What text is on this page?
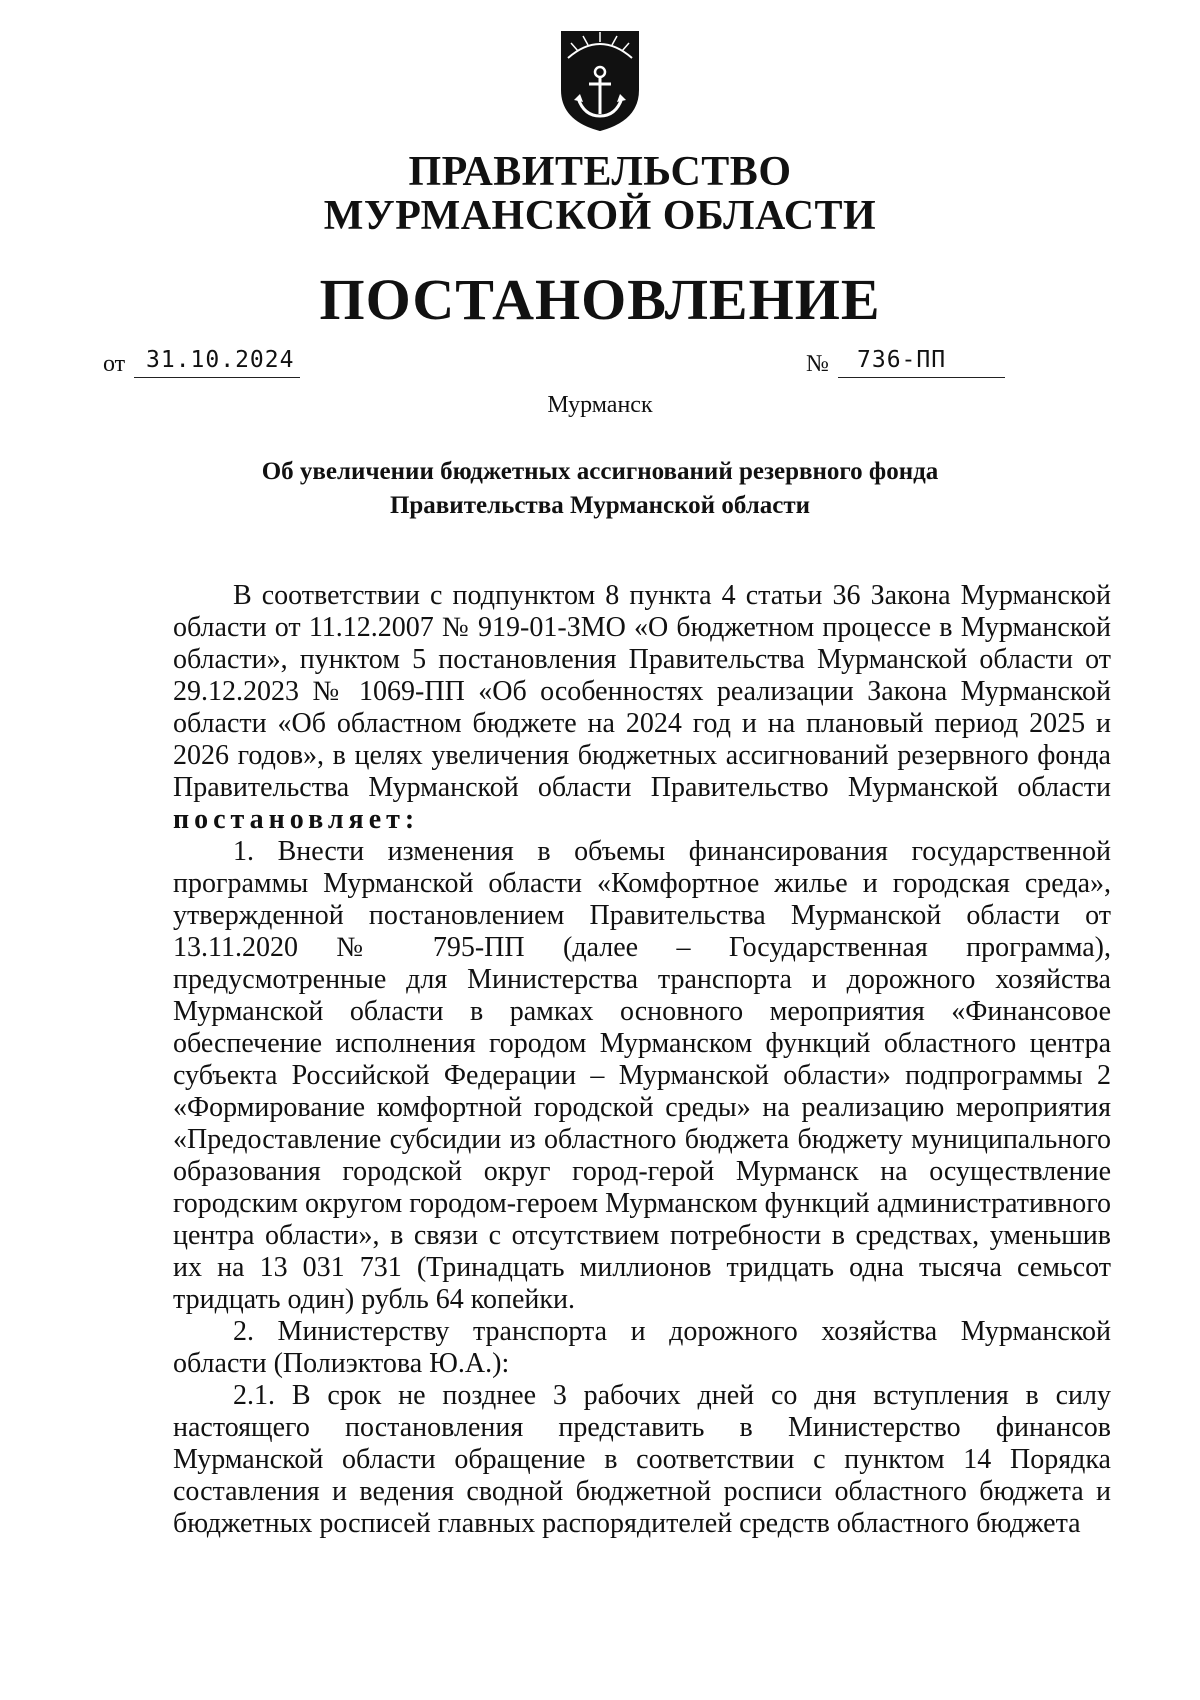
ПРАВИТЕЛЬСТВО
МУРМАНСКОЙ ОБЛАСТИ
ПОСТАНОВЛЕНИЕ
от 31.10.2024	№ 736-ПП
Мурманск
Об увеличении бюджетных ассигнований резервного фонда
Правительства Мурманской области

В соответствии с подпунктом 8 пункта 4 статьи 36 Закона Мурманской области от 11.12.2007 № 919-01-ЗМО «О бюджетном процессе в Мурманской области», пунктом 5 постановления Правительства Мурманской области от 29.12.2023 № 1069-ПП «Об особенностях реализации Закона Мурманской области «Об областном бюджете на 2024 год и на плановый период 2025 и 2026 годов», в целях увеличения бюджетных ассигнований резервного фонда Правительства Мурманской области Правительство Мурманской области постановляет:

1. Внести изменения в объемы финансирования государственной программы Мурманской области «Комфортное жилье и городская среда», утвержденной постановлением Правительства Мурманской области от 13.11.2020 № 795-ПП (далее – Государственная программа), предусмотренные для Министерства транспорта и дорожного хозяйства Мурманской области в рамках основного мероприятия «Финансовое обеспечение исполнения городом Мурманском функций областного центра субъекта Российской Федерации – Мурманской области» подпрограммы 2 «Формирование комфортной городской среды» на реализацию мероприятия «Предоставление субсидии из областного бюджета бюджету муниципального образования городской округ город-герой Мурманск на осуществление городским округом городом-героем Мурманском функций административного центра области», в связи с отсутствием потребности в средствах, уменьшив их на 13 031 731 (Тринадцать миллионов тридцать одна тысяча семьсот тридцать один) рубль 64 копейки.

2. Министерству транспорта и дорожного хозяйства Мурманской области (Полиэктова Ю.А.):

2.1. В срок не позднее 3 рабочих дней со дня вступления в силу настоящего постановления представить в Министерство финансов Мурманской области обращение в соответствии с пунктом 14 Порядка составления и ведения сводной бюджетной росписи областного бюджета и бюджетных росписей главных распорядителей средств областного бюджета
